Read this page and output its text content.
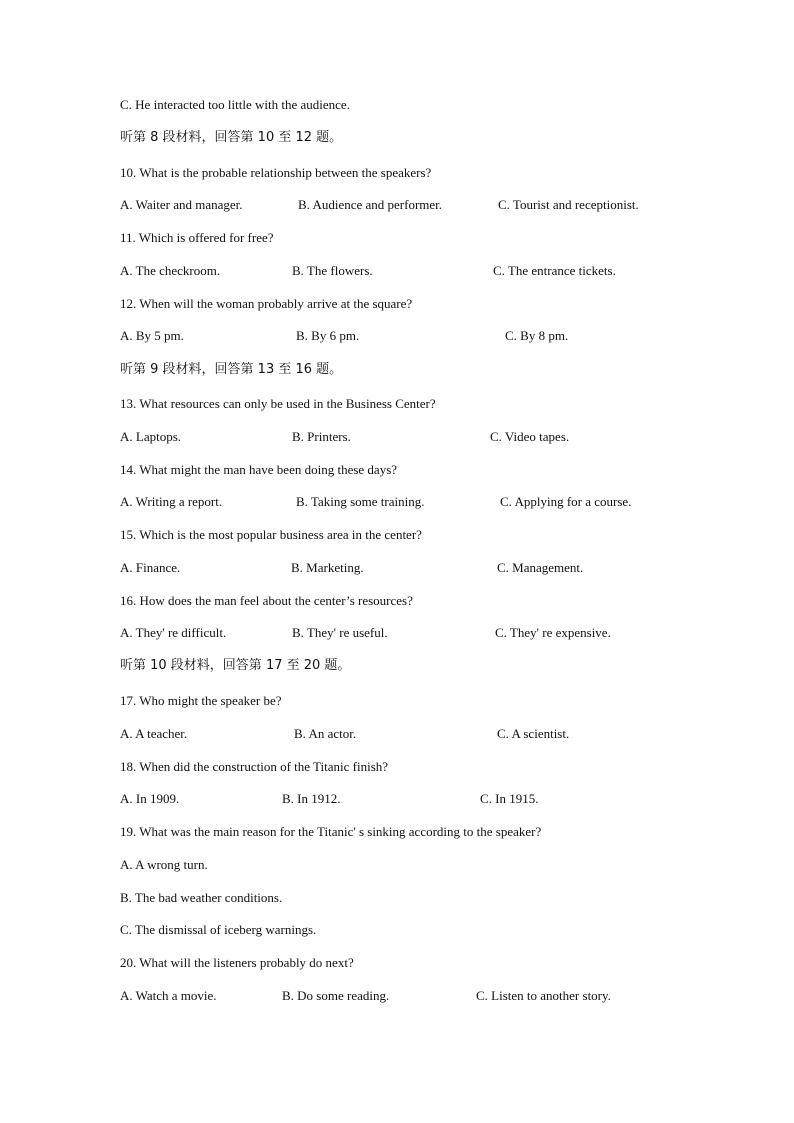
C. He interacted too little with the audience.
听第 8 段材料，回答第 10 至 12 题。
10. What is the probable relationship between the speakers?
A. Waiter and manager.	B. Audience and performer.	C. Tourist and receptionist.
11. Which is offered for free?
A. The checkroom.	B. The flowers.	C. The entrance tickets.
12. When will the woman probably arrive at the square?
A. By 5 pm.	B. By 6 pm.	C. By 8 pm.
听第 9 段材料，回答第 13 至 16 题。
13. What resources can only be used in the Business Center?
A. Laptops.	B. Printers.	C. Video tapes.
14. What might the man have been doing these days?
A. Writing a report.	B. Taking some training.	C. Applying for a course.
15. Which is the most popular business area in the center?
A. Finance.	B. Marketing.	C. Management.
16. How does the man feel about the center’s resources?
A. They' re difficult.	B. They' re useful.	C. They' re expensive.
听第 10 段材料，回答第 17 至 20 题。
17. Who might the speaker be?
A. A teacher.	B. An actor.	C. A scientist.
18. When did the construction of the Titanic finish?
A. In 1909.	B. In 1912.	C. In 1915.
19. What was the main reason for the Titanic' s sinking according to the speaker?
A. A wrong turn.
B. The bad weather conditions.
C. The dismissal of iceberg warnings.
20. What will the listeners probably do next?
A. Watch a movie.	B. Do some reading.	C. Listen to another story.
